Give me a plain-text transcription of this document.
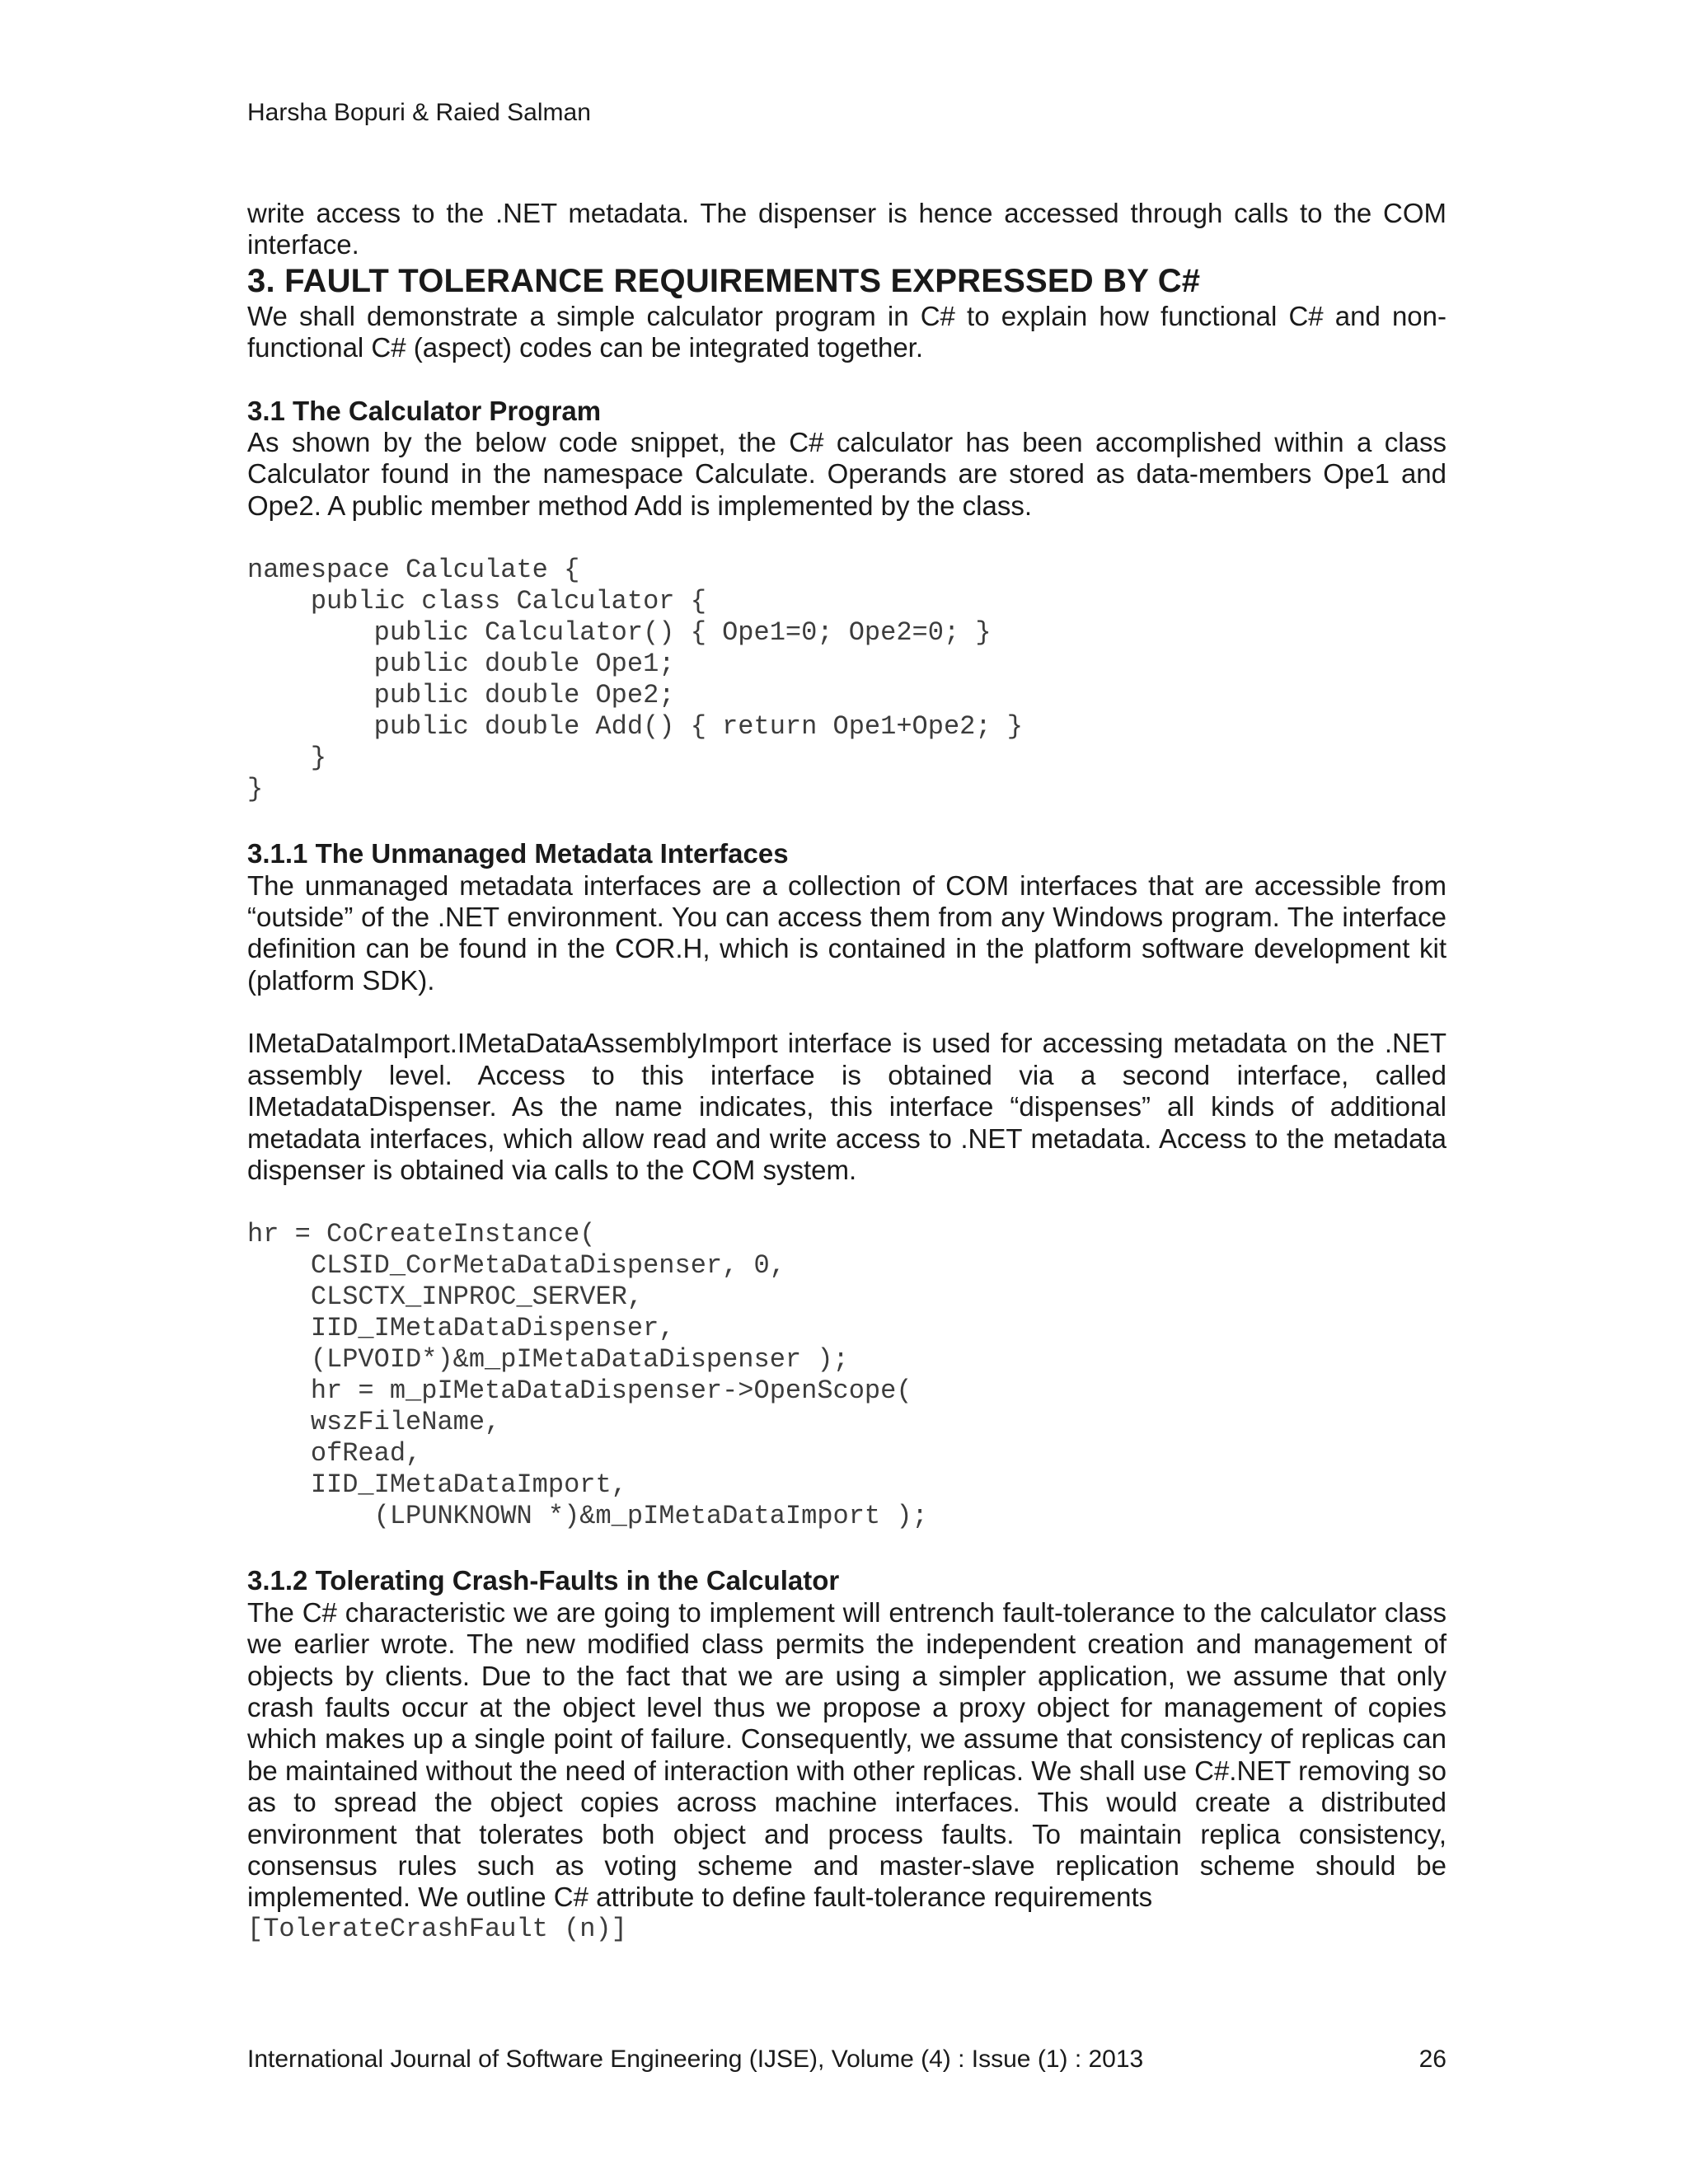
Harsha Bopuri & Raied Salman

write access to the .NET metadata. The dispenser is hence accessed through calls to the COM interface.

3. FAULT TOLERANCE REQUIREMENTS EXPRESSED BY C#

We shall demonstrate a simple calculator program in C# to explain how functional C# and non-functional C# (aspect) codes can be integrated together.

3.1 The Calculator Program

As shown by the below code snippet, the C# calculator has been accomplished within a class Calculator found in the namespace Calculate. Operands are stored as data-members Ope1 and Ope2. A public member method Add is implemented by the class.

namespace Calculate {
public class Calculator {
public Calculator() { Ope1=0; Ope2=0; }
public double Ope1;
public double Ope2;
public double Add() { return Ope1+Ope2; }
}
}
3.1.1 The Unmanaged Metadata Interfaces

The unmanaged metadata interfaces are a collection of COM interfaces that are accessible from “outside” of the .NET environment. You can access them from any Windows program. The interface definition can be found in the COR.H, which is contained in the platform software development kit (platform SDK).

IMetaDataImport.IMetaDataAssemblyImport interface is used for accessing metadata on the .NET assembly level. Access to this interface is obtained via a second interface, called IMetadataDispenser. As the name indicates, this interface “dispenses” all kinds of additional metadata interfaces, which allow read and write access to .NET metadata. Access to the metadata dispenser is obtained via calls to the COM system.

hr = CoCreateInstance(
CLSID_CorMetaDataDispenser, 0,
CLSCTX_INPROC_SERVER,
IID_IMetaDataDispenser,
(LPVOID*)&m_pIMetaDataDispenser );
hr = m_pIMetaDataDispenser->OpenScope(
wszFileName,
ofRead,
IID_IMetaDataImport,
(LPUNKNOWN *)&m_pIMetaDataImport );
3.1.2 Tolerating Crash-Faults in the Calculator

The C# characteristic we are going to implement will entrench fault-tolerance to the calculator class we earlier wrote. The new modified class permits the independent creation and management of objects by clients. Due to the fact that we are using a simpler application, we assume that only crash faults occur at the object level thus we propose a proxy object for management of copies which makes up a single point of failure. Consequently, we assume that consistency of replicas can be maintained without the need of interaction with other replicas. We shall use C#.NET removing so as to spread the object copies across machine interfaces. This would create a distributed environment that tolerates both object and process faults. To maintain replica consistency, consensus rules such as voting scheme and master-slave replication scheme should be implemented. We outline C# attribute to define fault-tolerance requirements

[TolerateCrashFault (n)]
International Journal of Software Engineering (IJSE), Volume (4) : Issue (1) : 2013	26
